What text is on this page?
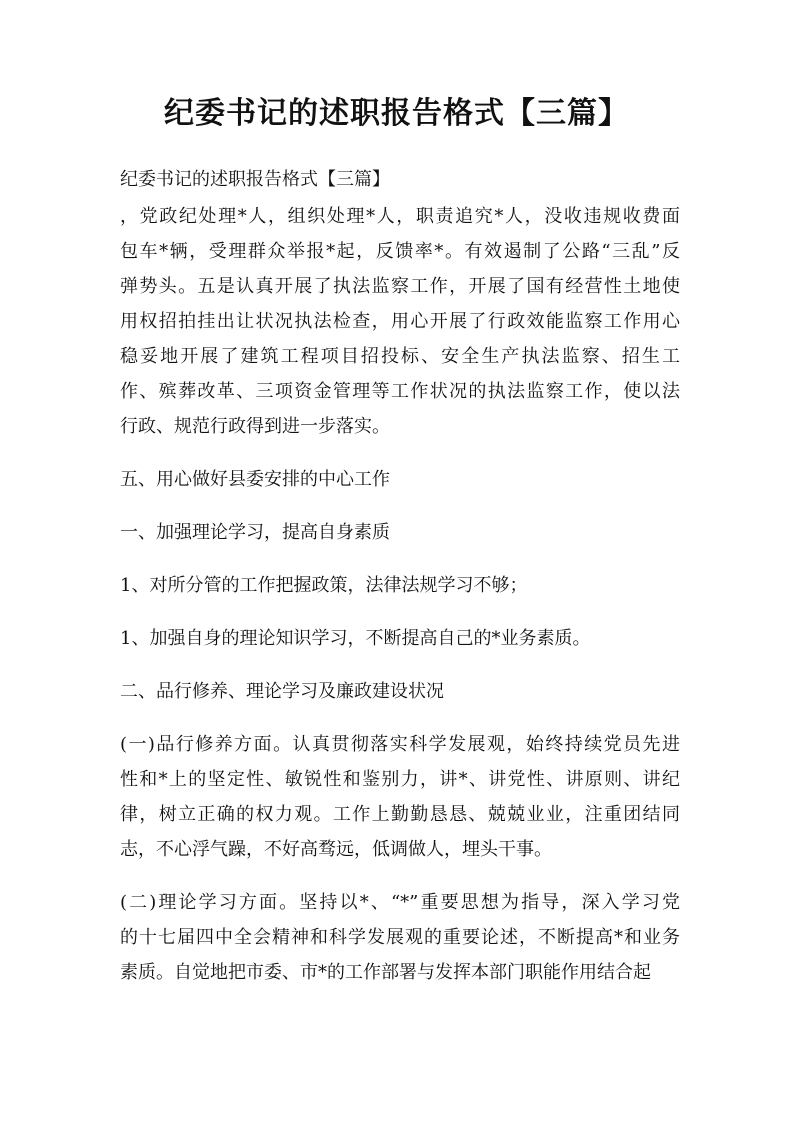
纪委书记的述职报告格式【三篇】

纪委书记的述职报告格式【三篇】

，党政纪处理*人，组织处理*人，职责追究*人，没收违规收费面
包车*辆，受理群众举报*起，反馈率*。有效遏制了公路“三乱”反
弹势头。五是认真开展了执法监察工作，开展了国有经营性土地使
用权招拍挂出让状况执法检查，用心开展了行政效能监察工作用心
稳妥地开展了建筑工程项目招投标、安全生产执法监察、招生工
作、殡葬改革、三项资金管理等工作状况的执法监察工作，使以法
行政、规范行政得到进一步落实。

五、用心做好县委安排的中心工作

一、加强理论学习，提高自身素质

1、对所分管的工作把握政策，法律法规学习不够；

1、加强自身的理论知识学习，不断提高自己的*业务素质。

二、品行修养、理论学习及廉政建设状况

(一)品行修养方面。认真贯彻落实科学发展观，始终持续党员先进
性和*上的坚定性、敏锐性和鉴别力，讲*、讲党性、讲原则、讲纪
律，树立正确的权力观。工作上勤勤恳恳、兢兢业业，注重团结同
志，不心浮气躁，不好高骛远，低调做人，埋头干事。

(二)理论学习方面。坚持以*、“*”重要思想为指导，深入学习党
的十七届四中全会精神和科学发展观的重要论述，不断提高*和业务
素质。自觉地把市委、市*的工作部署与发挥本部门职能作用结合起
